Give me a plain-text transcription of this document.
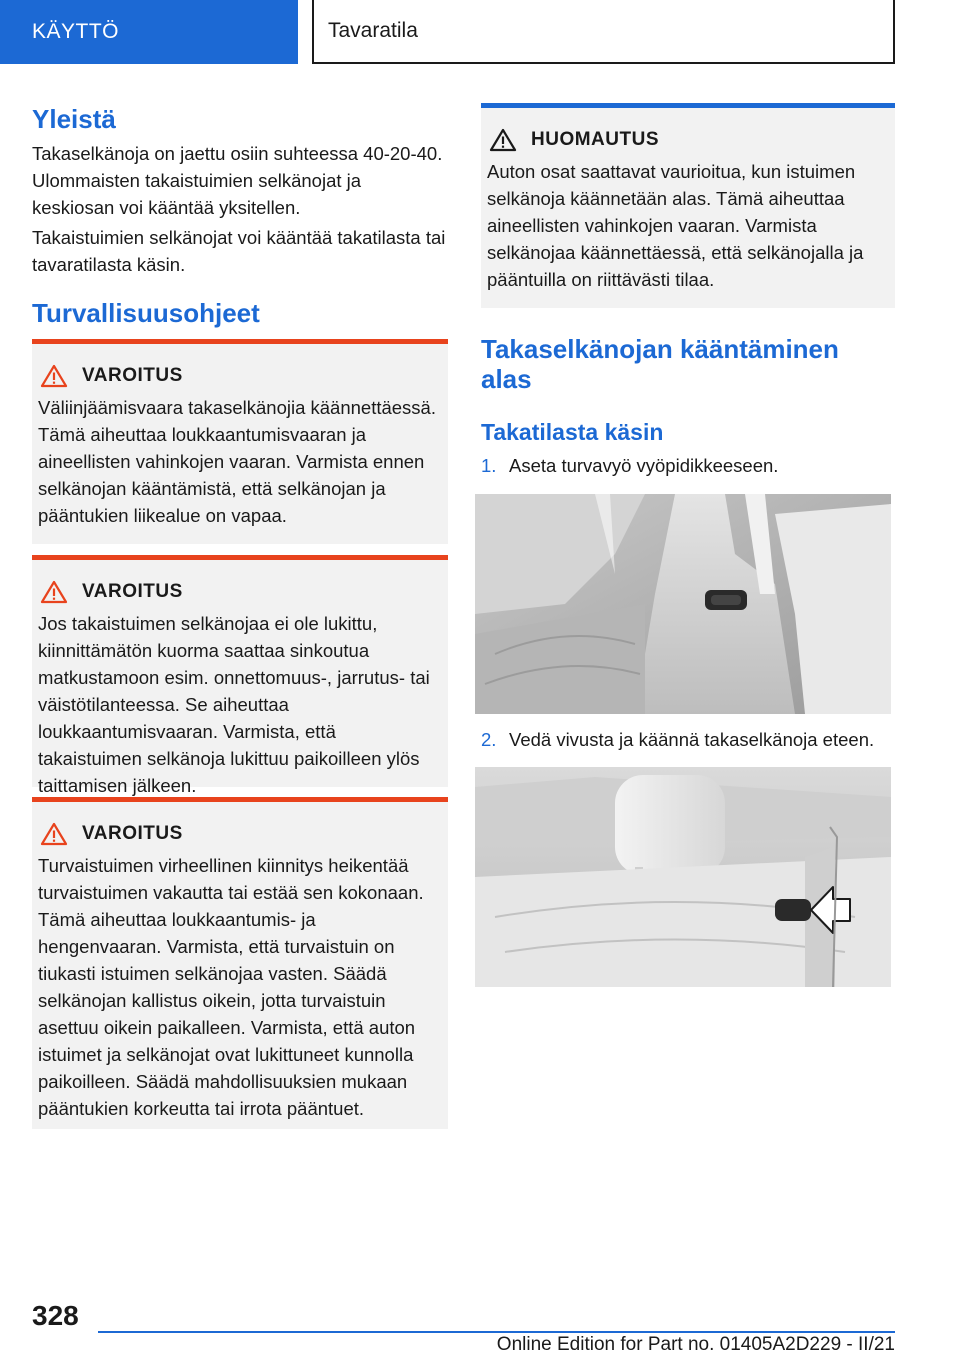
KÄYTTÖ	Tavaratila
Yleistä

Takaselkänoja on jaettu osiin suhteessa 40-20-40. Ulommaisten takaistuimien selkänojat ja keskiosan voi kääntää yksitellen.

Takaistuimien selkänojat voi kääntää takatilasta tai tavaratilasta käsin.

Turvallisuusohjeet
VAROITUS
Väliinjäämisvaara takaselkänojia käännettäessä. Tämä aiheuttaa loukkaantumisvaaran ja aineellisten vahinkojen vaaran. Varmista ennen selkänojan kääntämistä, että selkänojan ja pääntukien liikealue on vapaa.
VAROITUS
Jos takaistuimen selkänojaa ei ole lukittu, kiinnittämätön kuorma saattaa sinkoutua matkustamoon esim. onnettomuus-, jarrutus- tai väistötilanteessa. Se aiheuttaa loukkaantumisvaaran. Varmista, että takaistuimen selkänoja lukittuu paikoilleen ylös taittamisen jälkeen.
VAROITUS
Turvaistuimen virheellinen kiinnitys heikentää turvaistuimen vakautta tai estää sen kokonaan. Tämä aiheuttaa loukkaantumis- ja hengenvaaran. Varmista, että turvaistuin on tiukasti istuimen selkänojaa vasten. Säädä selkänojan kallistus oikein, jotta turvaistuin asettuu oikein paikalleen. Varmista, että auton istuimet ja selkänojat ovat lukittuneet kunnolla paikoilleen. Säädä mahdollisuuksien mukaan pääntukien korkeutta tai irrota pääntuet.
HUOMAUTUS
Auton osat saattavat vaurioitua, kun istuimen selkänoja käännetään alas. Tämä aiheuttaa aineellisten vahinkojen vaaran. Varmista selkänojaa käännettäessä, että selkänojalla ja pääntuilla on riittävästi tilaa.
Takaselkänojan kääntäminen alas
Takatilasta käsin
1. Aseta turvavyö vyöpidikkeeseen.
2. Vedä vivusta ja käännä takaselkänoja eteen.
328
Online Edition for Part no. 01405A2D229 - II/21
